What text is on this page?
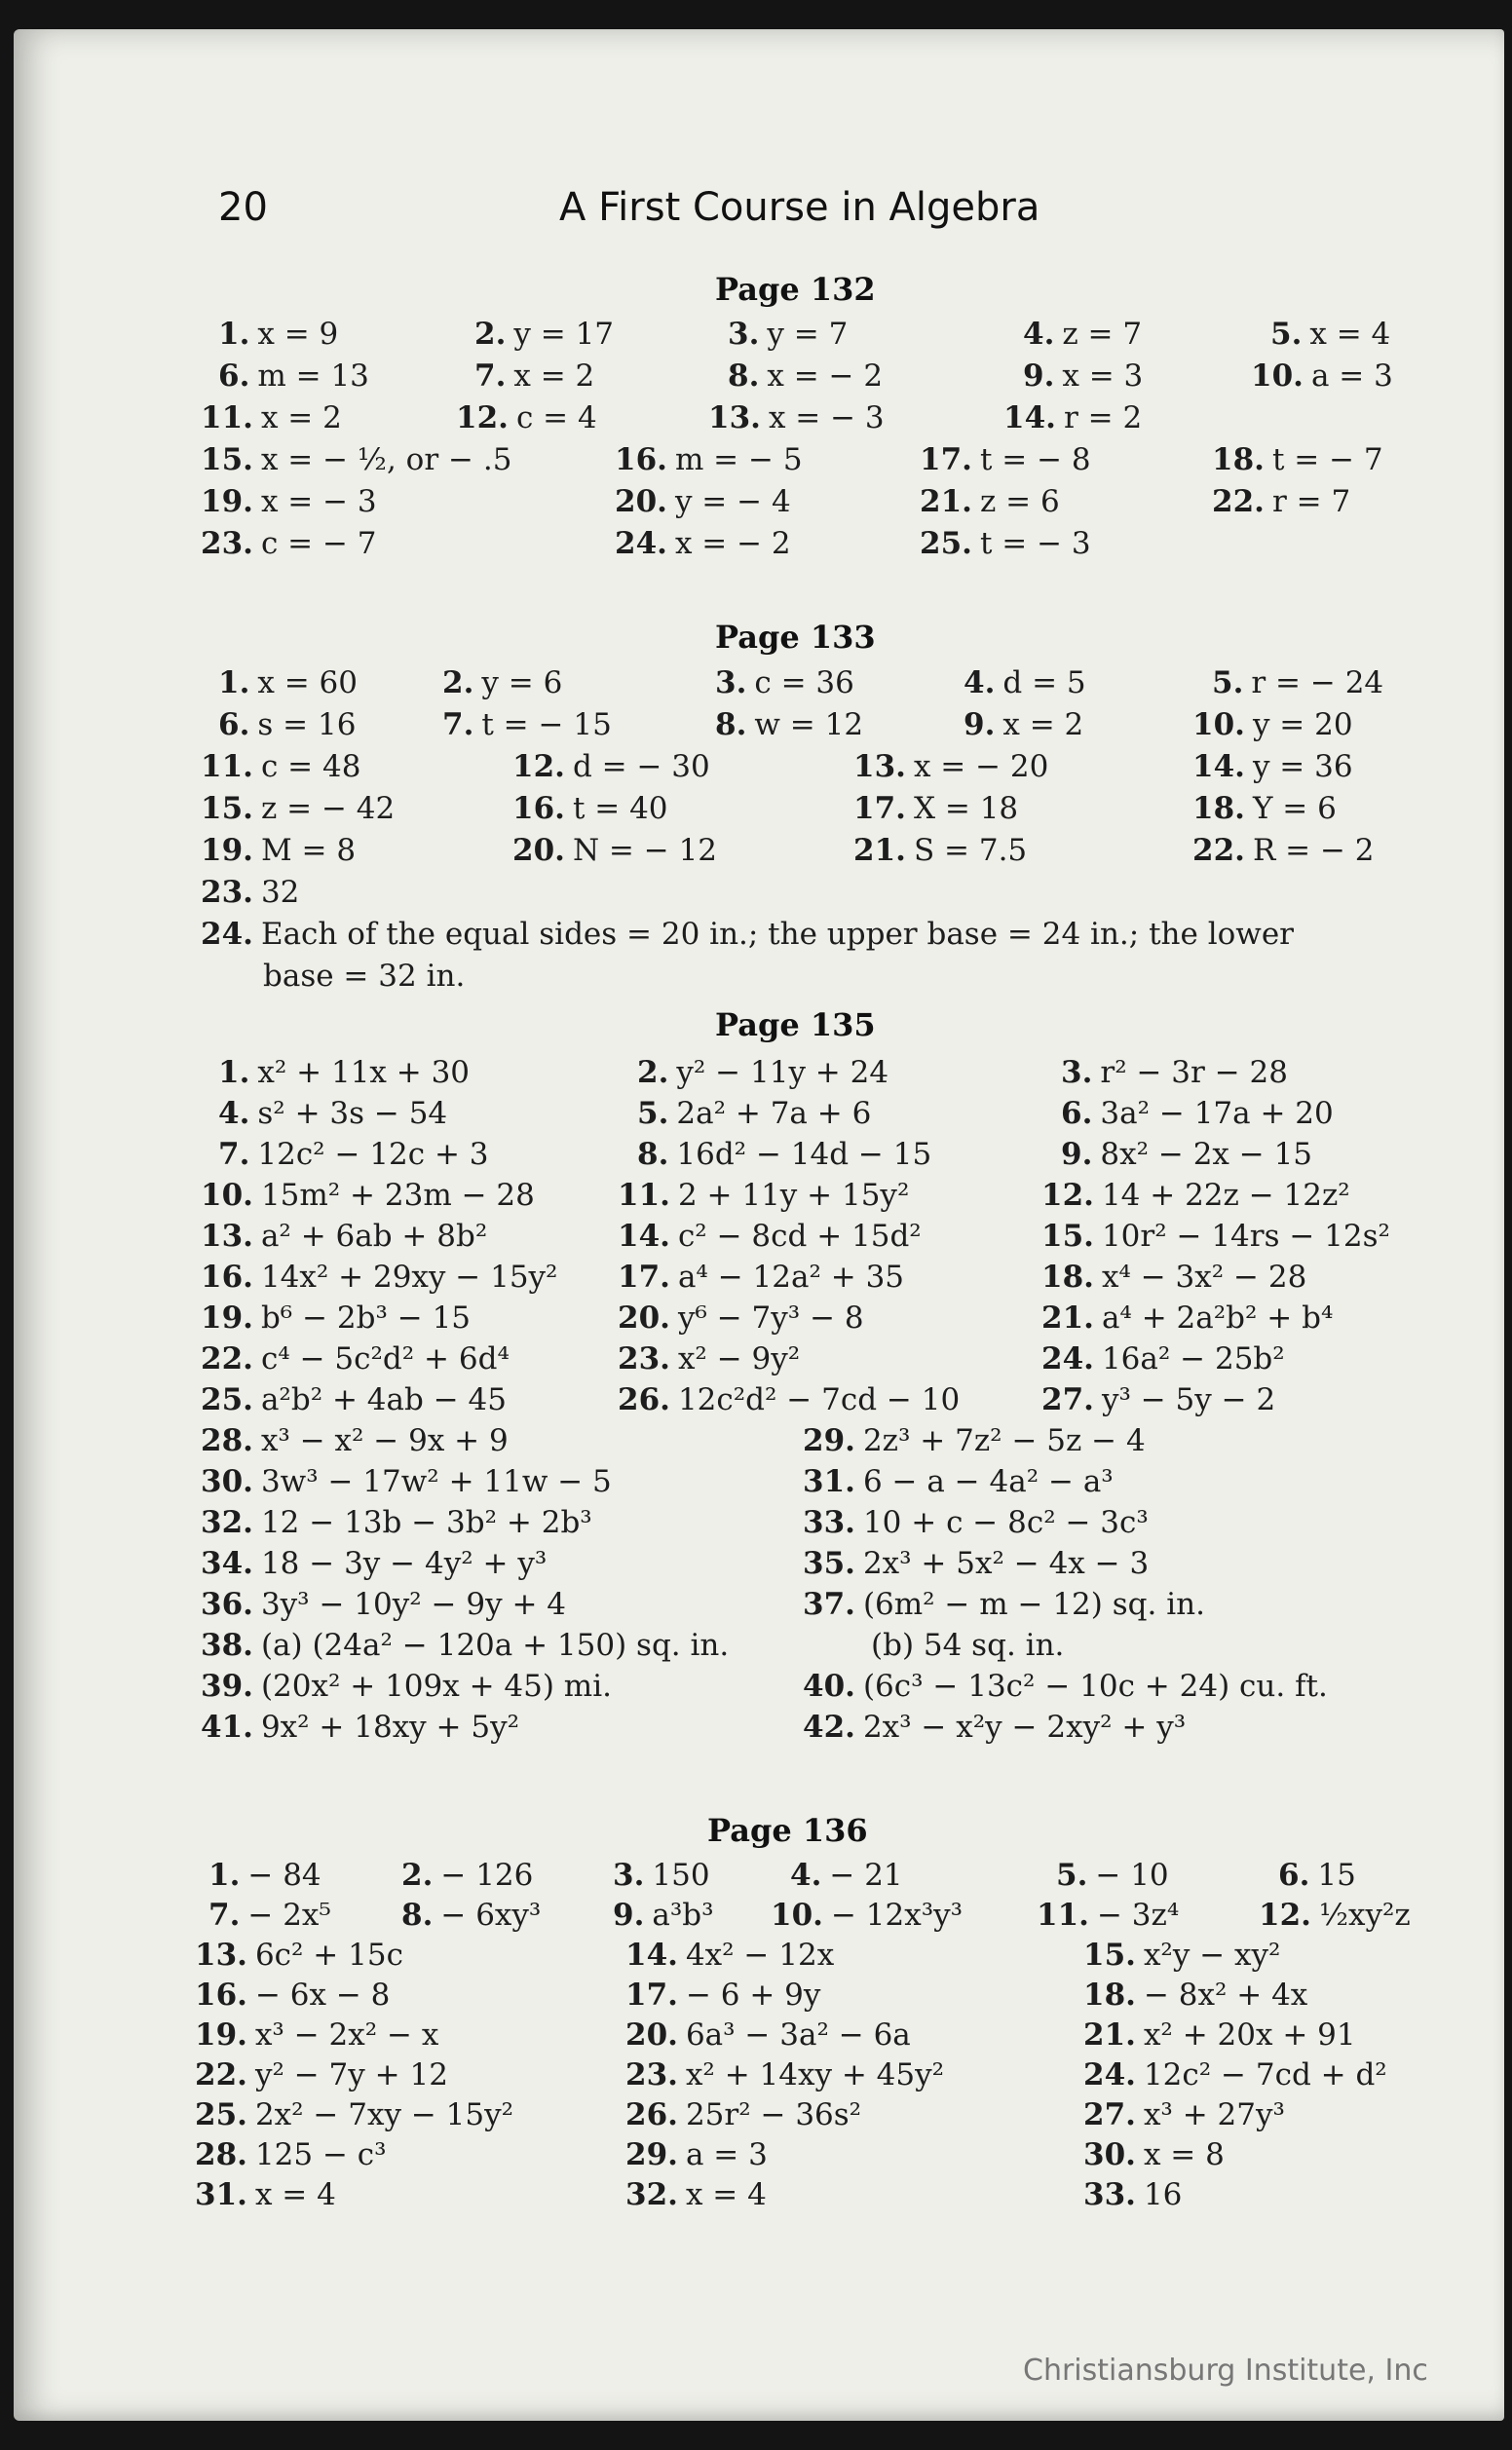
20	A First Course in Algebra
Page 132
1. x = 9	2. y = 17	3. y = 7	4. z = 7	5. x = 4
6. m = 13	7. x = 2	8. x = − 2	9. x = 3	10. a = 3
11. x = 2	12. c = 4	13. x = − 3	14. r = 2
15. x = − ½, or − .5	16. m = − 5	17. t = − 8	18. t = − 7
19. x = − 3	20. y = − 4	21. z = 6	22. r = 7
23. c = − 7	24. x = − 2	25. t = − 3
Page 133
1. x = 60	2. y = 6	3. c = 36	4. d = 5	5. r = − 24
6. s = 16	7. t = − 15	8. w = 12	9. x = 2	10. y = 20
11. c = 48	12. d = − 30	13. x = − 20	14. y = 36
15. z = − 42	16. t = 40	17. X = 18	18. Y = 6
19. M = 8	20. N = − 12	21. S = 7.5	22. R = − 2
23. 32
24. Each of the equal sides = 20 in.; the upper base = 24 in.; the lower
base = 32 in.
Page 135
1. x² + 11x + 30	2. y² − 11y + 24	3. r² − 3r − 28
4. s² + 3s − 54	5. 2a² + 7a + 6	6. 3a² − 17a + 20
7. 12c² − 12c + 3	8. 16d² − 14d − 15	9. 8x² − 2x − 15
10. 15m² + 23m − 28	11. 2 + 11y + 15y²	12. 14 + 22z − 12z²
13. a² + 6ab + 8b²	14. c² − 8cd + 15d²	15. 10r² − 14rs − 12s²
16. 14x² + 29xy − 15y² 17. a⁴ − 12a² + 35	18. x⁴ − 3x² − 28
19. b⁶ − 2b³ − 15	20. y⁶ − 7y³ − 8	21. a⁴ + 2a²b² + b⁴
22. c⁴ − 5c²d² + 6d⁴	23. x² − 9y²	24. 16a² − 25b²
25. a²b² + 4ab − 45	26. 12c²d² − 7cd − 10	27. y³ − 5y − 2
28. x³ − x² − 9x + 9	29. 2z³ + 7z² − 5z − 4
30. 3w³ − 17w² + 11w − 5	31. 6 − a − 4a² − a³
32. 12 − 13b − 3b² + 2b³	33. 10 + c − 8c² − 3c³
34. 18 − 3y − 4y² + y³	35. 2x³ + 5x² − 4x − 3
36. 3y³ − 10y² − 9y + 4	37. (6m² − m − 12) sq. in.
38. (a) (24a² − 120a + 150) sq. in.	(b) 54 sq. in.
39. (20x² + 109x + 45) mi.	40. (6c³ − 13c² − 10c + 24) cu. ft.
41. 9x² + 18xy + 5y²	42. 2x³ − x²y − 2xy² + y³
Page 136
1. − 84	2. − 126	3. 150	4. − 21	5. − 10	6. 15
7. − 2x⁵ 8. − 6xy³ 9. a³b³ 10. − 12x³y³ 11. − 3z⁴	12. ½xy²z
13. 6c² + 15c	14. 4x² − 12x	15. x²y − xy²
16. − 6x − 8	17. − 6 + 9y	18. − 8x² + 4x
19. x³ − 2x² − x	20. 6a³ − 3a² − 6a	21. x² + 20x + 91
22. y² − 7y + 12	23. x² + 14xy + 45y²	24. 12c² − 7cd + d²
25. 2x² − 7xy − 15y²	26. 25r² − 36s²	27. x³ + 27y³
28. 125 − c³	29. a = 3	30. x = 8
31. x = 4	32. x = 4	33. 16
Christiansburg Institute, Inc
